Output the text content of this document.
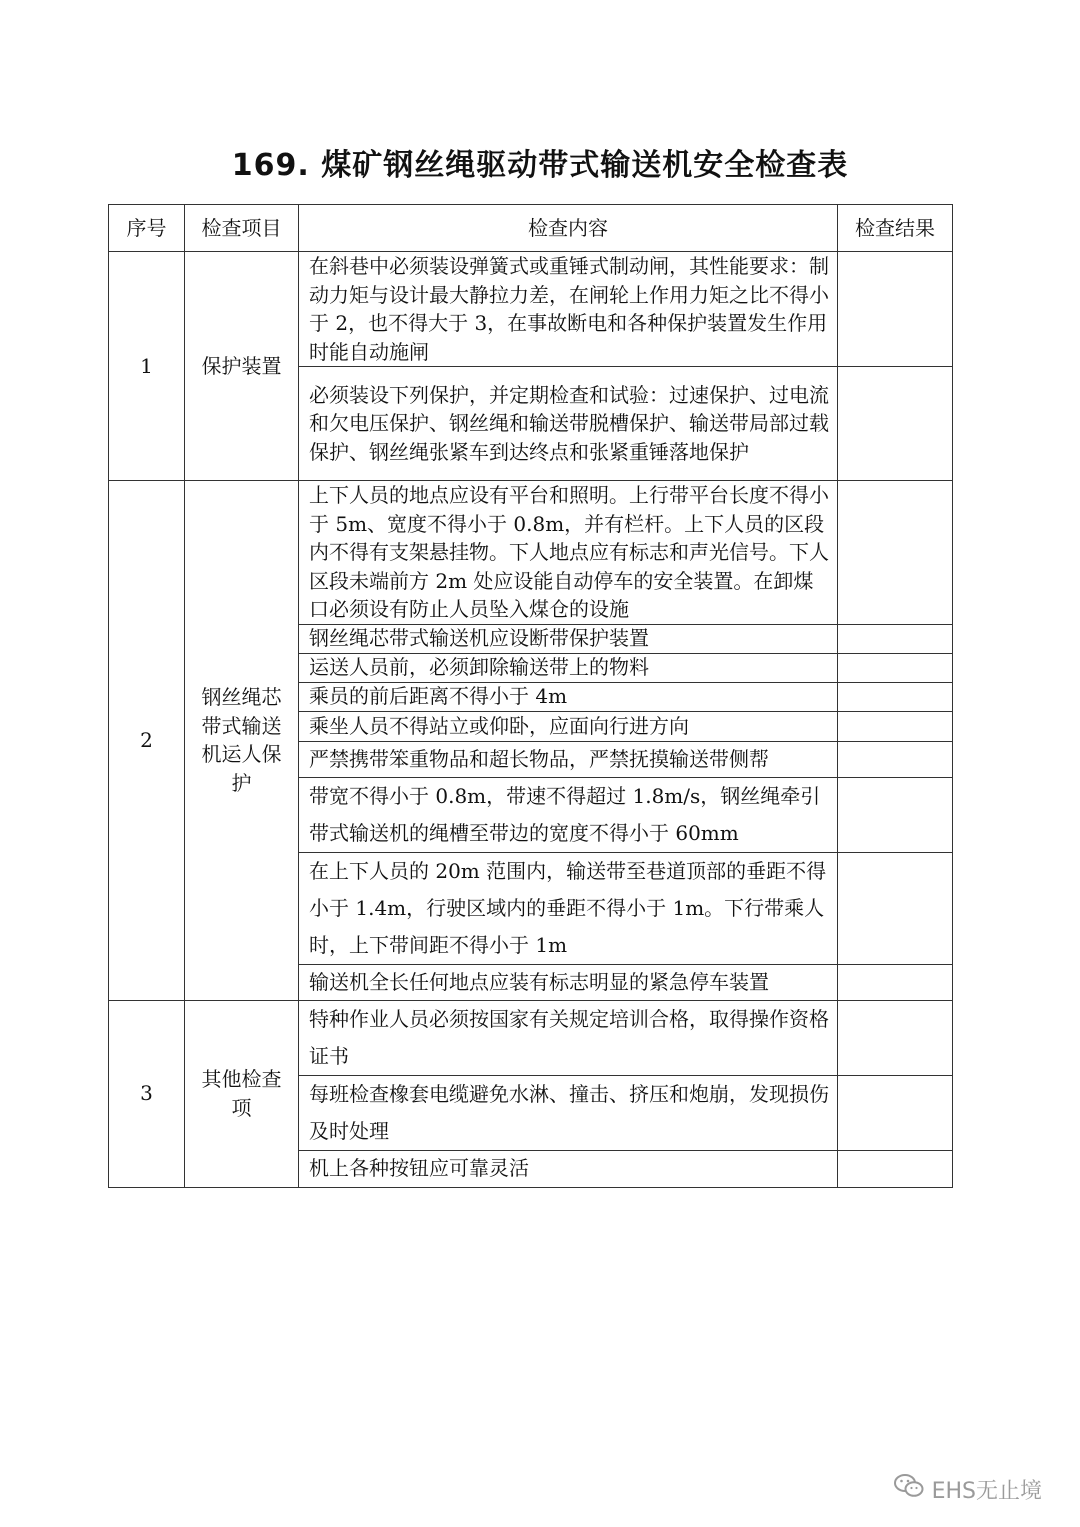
169. 煤矿钢丝绳驱动带式输送机安全检查表
序号	检查项目	检查内容	检查结果
1	保护装置	在斜巷中必须装设弹簧式或重锤式制动闸，其性能要求：制动力矩与设计最大静拉力差，在闸轮上作用力矩之比不得小于 2，也不得大于 3，在事故断电和各种保护装置发生作用时能自动施闸	
		必须装设下列保护，并定期检查和试验：过速保护、过电流和欠电压保护、钢丝绳和输送带脱槽保护、输送带局部过载保护、钢丝绳张紧车到达终点和张紧重锤落地保护	
2	钢丝绳芯带式输送机运人保护	上下人员的地点应设有平台和照明。上行带平台长度不得小于 5m、宽度不得小于 0.8m，并有栏杆。上下人员的区段内不得有支架悬挂物。下人地点应有标志和声光信号。下人区段未端前方 2m 处应设能自动停车的安全装置。在卸煤口必须设有防止人员坠入煤仓的设施	
		钢丝绳芯带式输送机应设断带保护装置	
		运送人员前，必须卸除输送带上的物料	
		乘员的前后距离不得小于 4m	
		乘坐人员不得站立或仰卧，应面向行进方向	
		严禁携带笨重物品和超长物品，严禁抚摸输送带侧帮	
		带宽不得小于 0.8m，带速不得超过 1.8m/s，钢丝绳牵引带式输送机的绳槽至带边的宽度不得小于 60mm	
		在上下人员的 20m 范围内，输送带至巷道顶部的垂距不得小于 1.4m，行驶区域内的垂距不得小于 1m。下行带乘人时，上下带间距不得小于 1m	
		输送机全长任何地点应装有标志明显的紧急停车装置	
3	其他检查项	特种作业人员必须按国家有关规定培训合格，取得操作资格证书	
		每班检查橡套电缆避免水淋、撞击、挤压和炮崩，发现损伤及时处理	
		机上各种按钮应可靠灵活	
EHS无止境
